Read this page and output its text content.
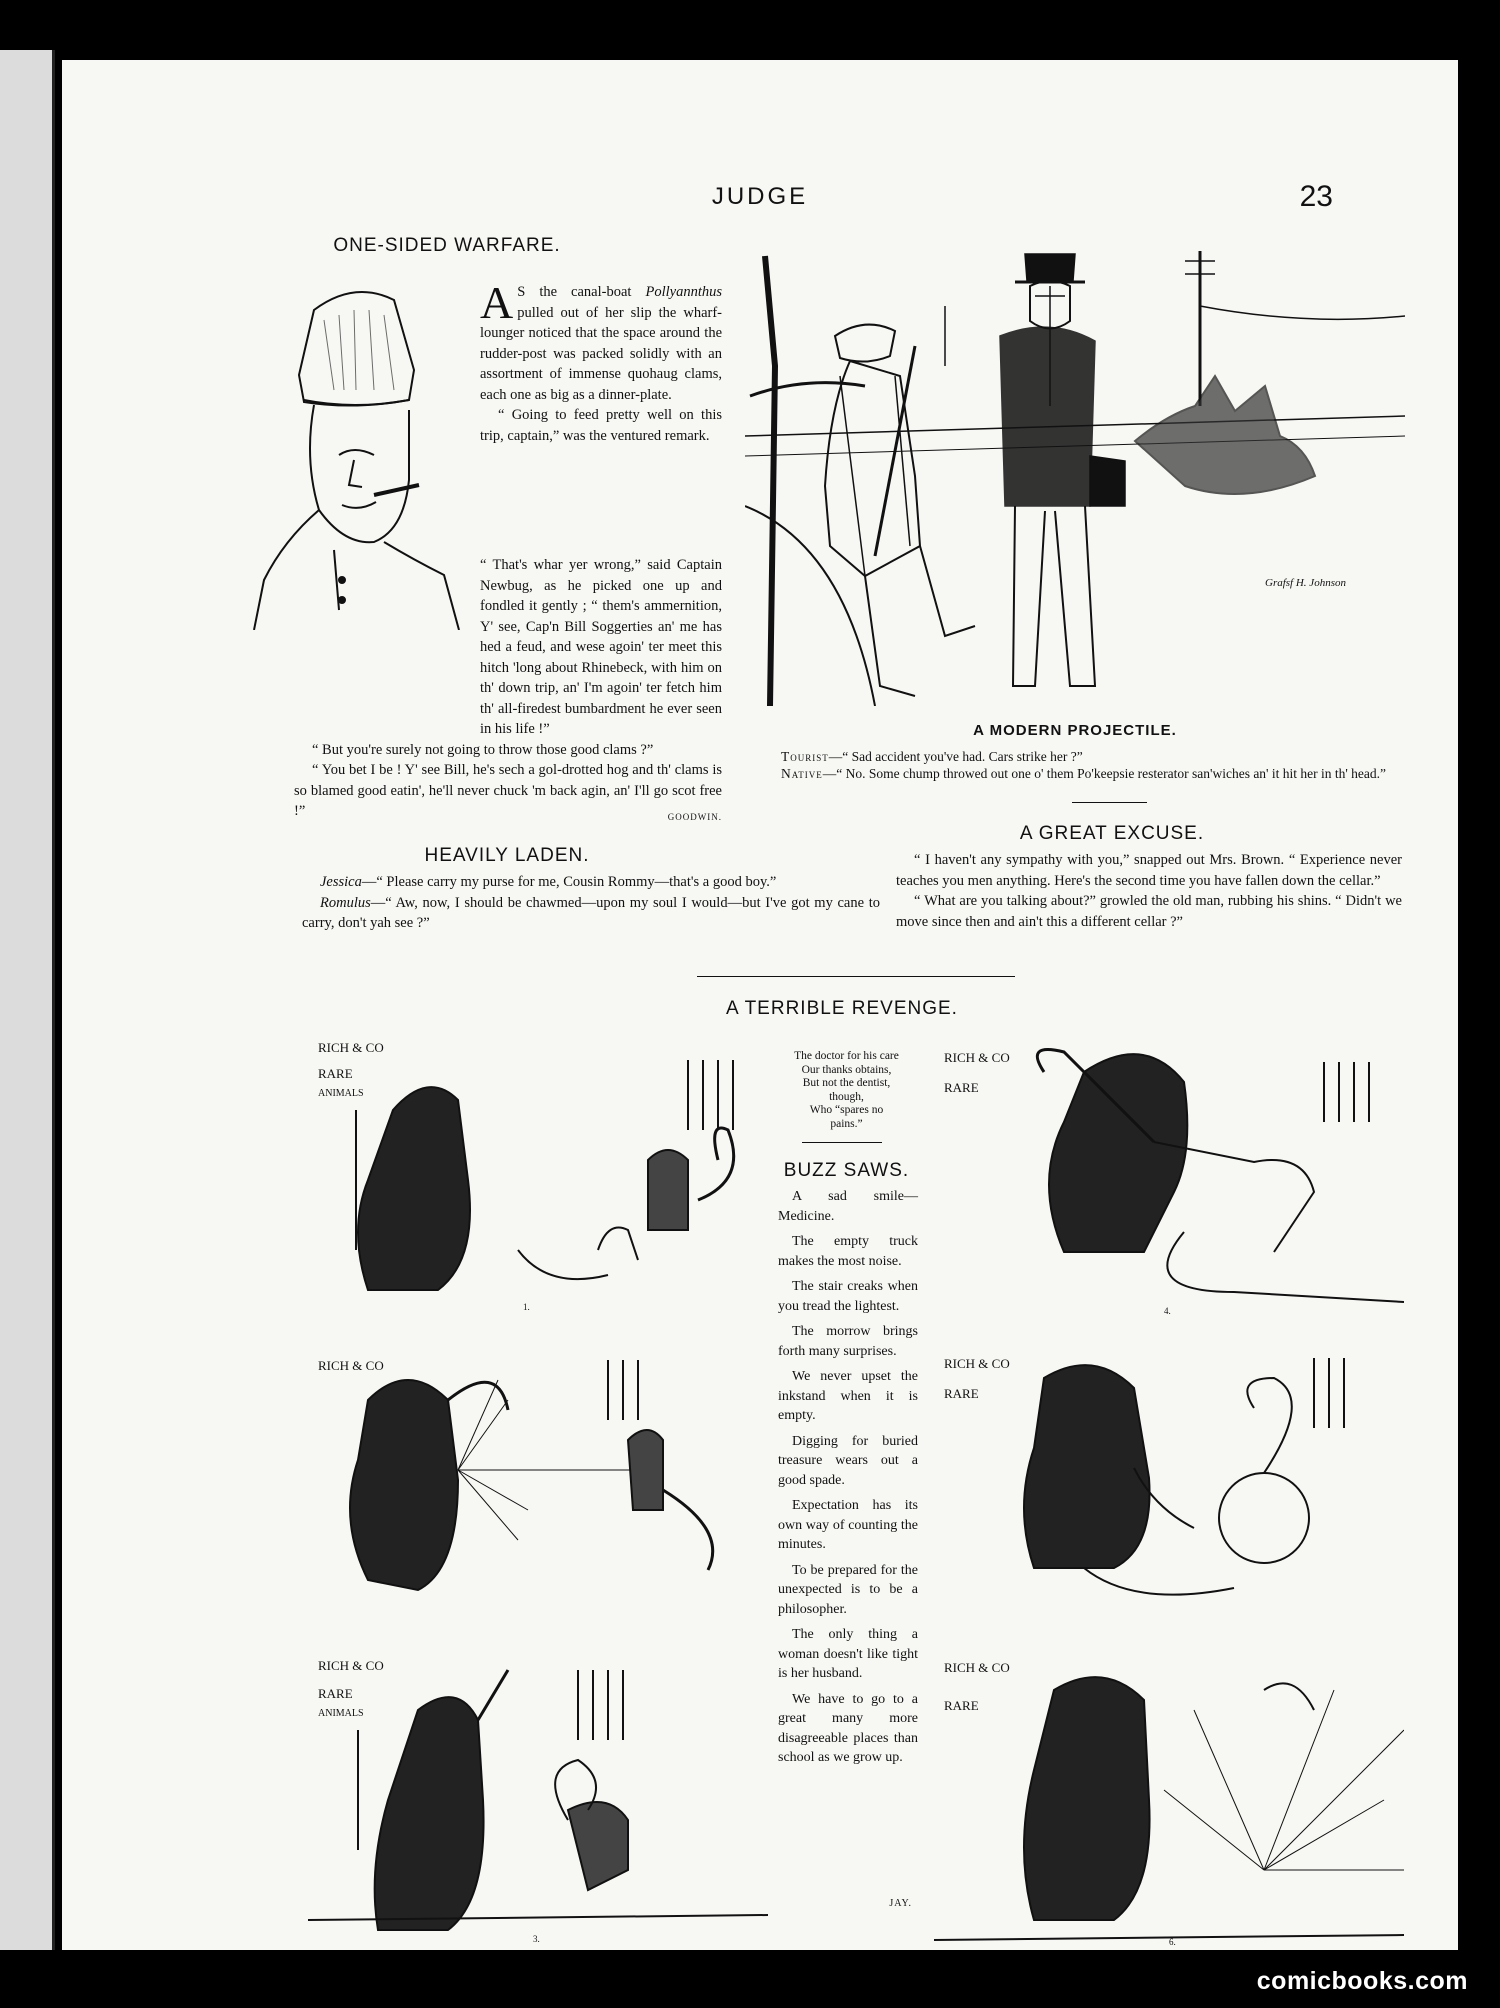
JUDGE	23
ONE-SIDED WARFARE.

A S the canal-boat Pollyannthus pulled out of her slip the wharf-lounger noticed that the space around the rudder-post was packed solidly with an assortment of immense quohaug clams, each one as big as a dinner-plate.

“ Going to feed pretty well on this trip, captain,” was the ventured remark.

“ That's whar yer wrong,” said Captain Newbug, as he picked one up and fondled it gently ; “ them's ammernition, Y' see, Cap'n Bill Soggerties an' me has hed a feud, and wese agoin' ter meet this hitch 'long about Rhinebeck, with him on th' down trip, an' I'm agoin' ter fetch him th' all-firedest bumbardment he ever seen in his life !”

“ But you're surely not going to throw those good clams ?”

“ You bet I be ! Y' see Bill, he's sech a gol-drotted hog and th' clams is so blamed good eatin', he'll never chuck 'm back agin, an' I'll go scot free !”	GOODWIN.
Grafsf H. Johnson
A MODERN PROJECTILE.
Tourist—“ Sad accident you've had. Cars strike her ?”
Native—“ No. Some chump throwed out one o' them Po'keepsie resterator san'wiches an' it hit her in th' head.”
HEAVILY LADEN.

Jessica—“ Please carry my purse for me, Cousin Rommy—that's a good boy.”

Romulus—“ Aw, now, I should be chawmed—upon my soul I would—but I've got my cane to carry, don't yah see ?”

A GREAT EXCUSE.

“ I haven't any sympathy with you,” snapped out Mrs. Brown. “ Experience never teaches you men anything. Here's the second time you have fallen down the cellar.”

“ What are you talking about?” growled the old man, rubbing his shins. “ Didn't we move since then and ain't this a different cellar ?”

A TERRIBLE REVENGE.
RICH & CO
RARE
ANIMALS
1.
RICH & CO
RICH & CO
RARE
ANIMALS
3.
The doctor for his care
Our thanks obtains,
But not the dentist,
though,
Who “spares no
pains.”
BUZZ SAWS.

A sad smile—Medicine.

The empty truck makes the most noise.

The stair creaks when you tread the lightest.

The morrow brings forth many surprises.

We never upset the inkstand when it is empty.

Digging for buried treasure wears out a good spade.

Expectation has its own way of counting the minutes.

To be prepared for the unexpected is to be a philosopher.

The only thing a woman doesn't like tight is her husband.

We have to go to a great many more disagreeable places than school as we grow up.

JAY.
RICH & CO
RARE
4.
RICH & CO
RARE
RICH & CO
RARE
6.
comicbooks.com
